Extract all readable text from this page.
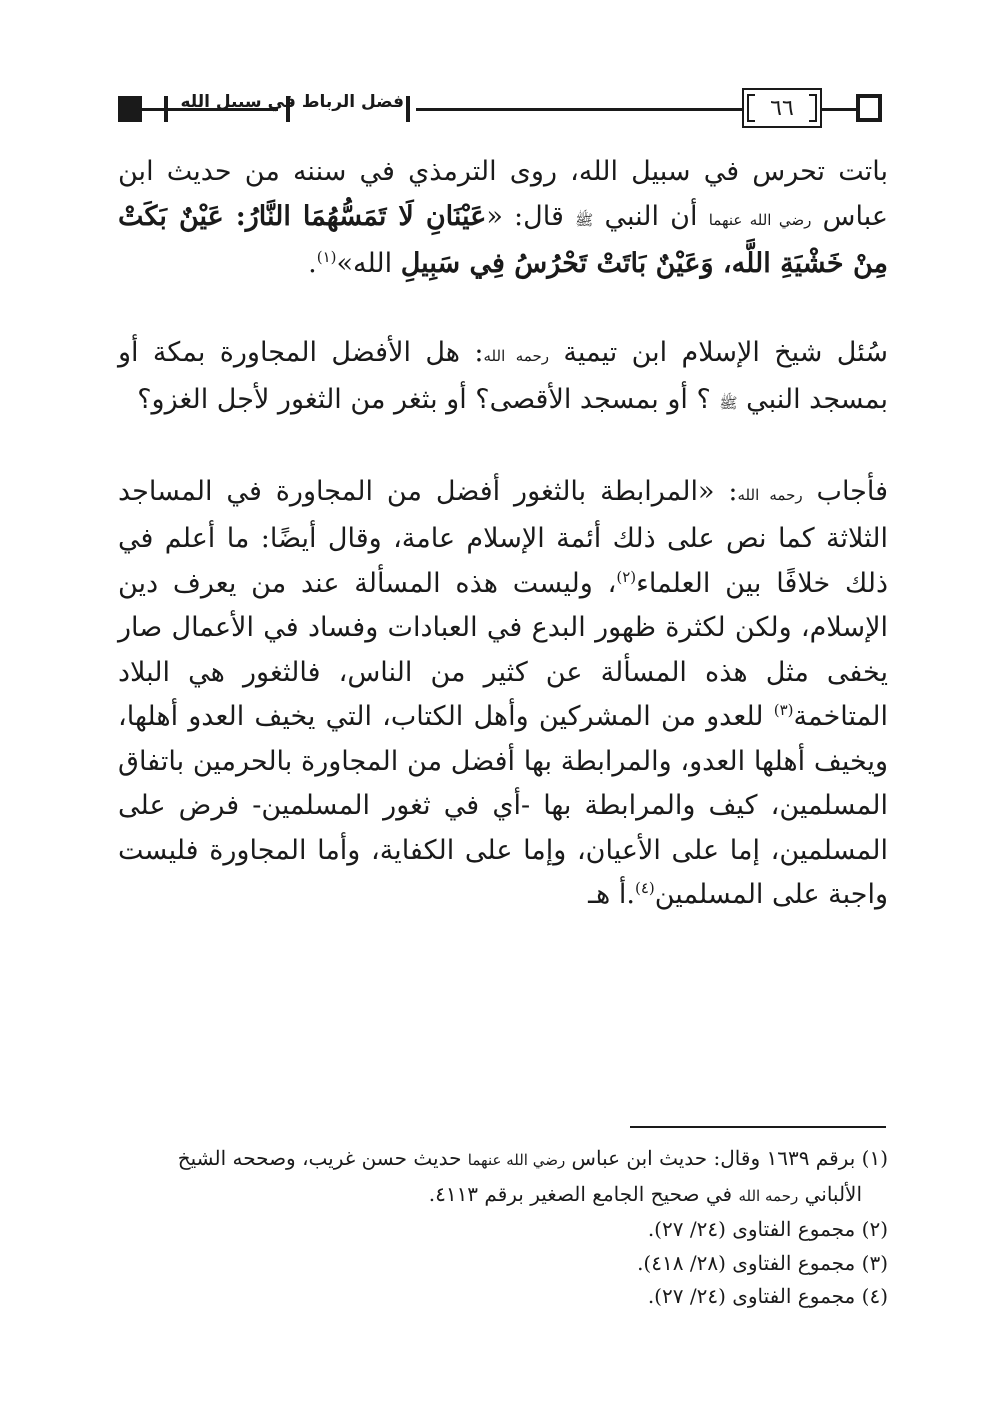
فضل الرباط في سبيل الله	٦٦

باتت تحرس في سبيل الله، روى الترمذي في سننه من حديث ابن عباس رضي الله عنهما أن النبي ﷺ قال: «عَيْنَانِ لَا تَمَسُّهُمَا النَّارُ: عَيْنٌ بَكَتْ مِنْ خَشْيَةِ اللَّه، وَعَيْنٌ بَاتَتْ تَحْرُسُ فِي سَبِيلِ الله»$^{(١)}$.

سُئل شيخ الإسلام ابن تيمية رحمه الله: هل الأفضل المجاورة بمكة أو بمسجد النبي ﷺ ؟ أو بمسجد الأقصى؟ أو بثغر من الثغور لأجل الغزو؟

فأجاب رحمه الله: «المرابطة بالثغور أفضل من المجاورة في المساجد الثلاثة كما نص على ذلك أئمة الإسلام عامة، وقال أيضًا: ما أعلم في ذلك خلافًا بين العلماء$^{(٢)}$، وليست هذه المسألة عند من يعرف دين الإسلام، ولكن لكثرة ظهور البدع في العبادات وفساد في الأعمال صار يخفى مثل هذه المسألة عن كثير من الناس، فالثغور هي البلاد المتاخمة$^{(٣)}$ للعدو من المشركين وأهل الكتاب، التي يخيف العدو أهلها، ويخيف أهلها العدو، والمرابطة بها أفضل من المجاورة بالحرمين باتفاق المسلمين، كيف والمرابطة بها -أي في ثغور المسلمين- فرض على المسلمين، إما على الأعيان، وإما على الكفاية، وأما المجاورة فليست واجبة على المسلمين$^{(٤)}$.أ هـ

(١) برقم ١٦٣٩ وقال: حديث ابن عباس رضي الله عنهما حديث حسن غريب، وصححه الشيخ
الألباني رحمه الله في صحيح الجامع الصغير برقم ٤١١٣.

(٢) مجموع الفتاوى (٢٤/ ٢٧).

(٣) مجموع الفتاوى (٢٨/ ٤١٨).

(٤) مجموع الفتاوى (٢٤/ ٢٧).
